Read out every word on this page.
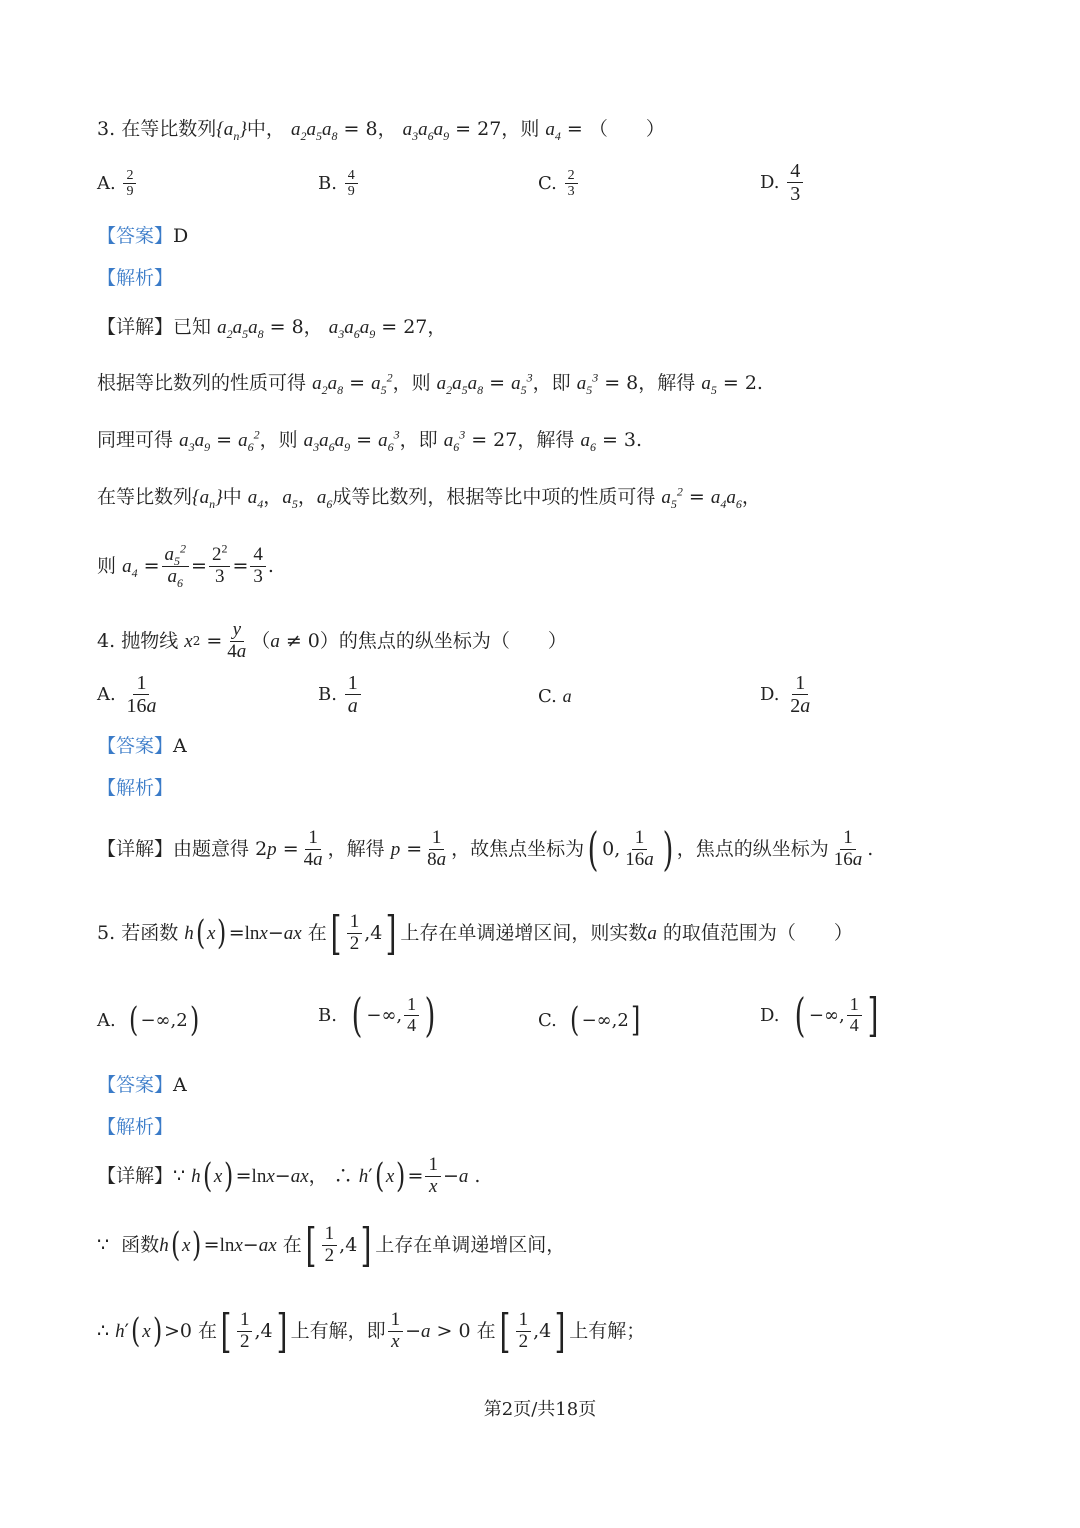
3. 在等比数列$\{a_n\}$中， $a_2a_5a_8 = 8$， $a_3a_6a_9 = 27$，则 $a_4$ = （　　）
A.
$\frac{2}{9}$	B.
$\frac{4}{9}$	C.
$\frac{2}{3}$	D.
$\frac{4}{3}$
【答案】D
【解析】
【详解】已知 $a_2a_5a_8 = 8$， $a_3a_6a_9 = 27$，
根据等比数列的性质可得 $a_2a_8 = a_5^2$，则 $a_2a_5a_8 = a_5^3$，即 $a_5^3 = 8$，解得 $a_5 = 2$.
同理可得 $a_3a_9 = a_6^2$，则 $a_3a_6a_9 = a_6^3$，即 $a_6^3 = 27$，解得 $a_6 = 3$.
在等比数列$\{a_n\}$中 $a_4$，$a_5$，$a_6$成等比数列，根据等比中项的性质可得 $a_5^2 = a_4a_6$，
则
$a_4 = \frac{a_5^2}{a_6} = \frac{2^2}{3} = \frac{4}{3}$ .
4.
抛物线
x $2 = \frac{y}{4a}$ （ a ≠ 0 ）的焦点的纵坐标为（　　）
A.
$\frac{1}{16a}$	B.
$\frac{1}{a}$	C.
a	D.
$\frac{1}{2a}$
【答案】A
【解析】
【详解】 由题意得 2 $p = \frac{1}{4a}$ ，解得
$p = \frac{1}{8a}$ ，故焦点坐标为 ( 0, $\frac{1}{16a}$ ) ，焦点的纵坐标为 $\frac{1}{16a}$ .
5.
若函数
h ( x ) = ln x − ax
在 [ $\frac{1}{2} ,4$ ] 上存在单调递增区间，则实数 a
的取值范围为（　　）
A.
( −∞,2 )	B.
( −∞, $\frac{1}{4}$ )	C.
( −∞,2 ]	D.
( −∞, $\frac{1}{4}$ ]
【答案】A
【解析】
【详解】 ∵ h ( x ) = ln x − ax ， ∴ h ′ ( x ) = $\frac{1}{x} - a$ .
∵ 函数 h ( x ) = ln x − ax
在 [ $\frac{1}{2} ,4$ ] 上存在单调递增区间，
∴ h ′ ( x ) >0 在 [ $\frac{1}{2} ,4$ ] 上有解，即 $\frac{1}{x} - a > 0$ 在 [ $\frac{1}{2} ,4$ ] 上有解；
第2页/共18页
